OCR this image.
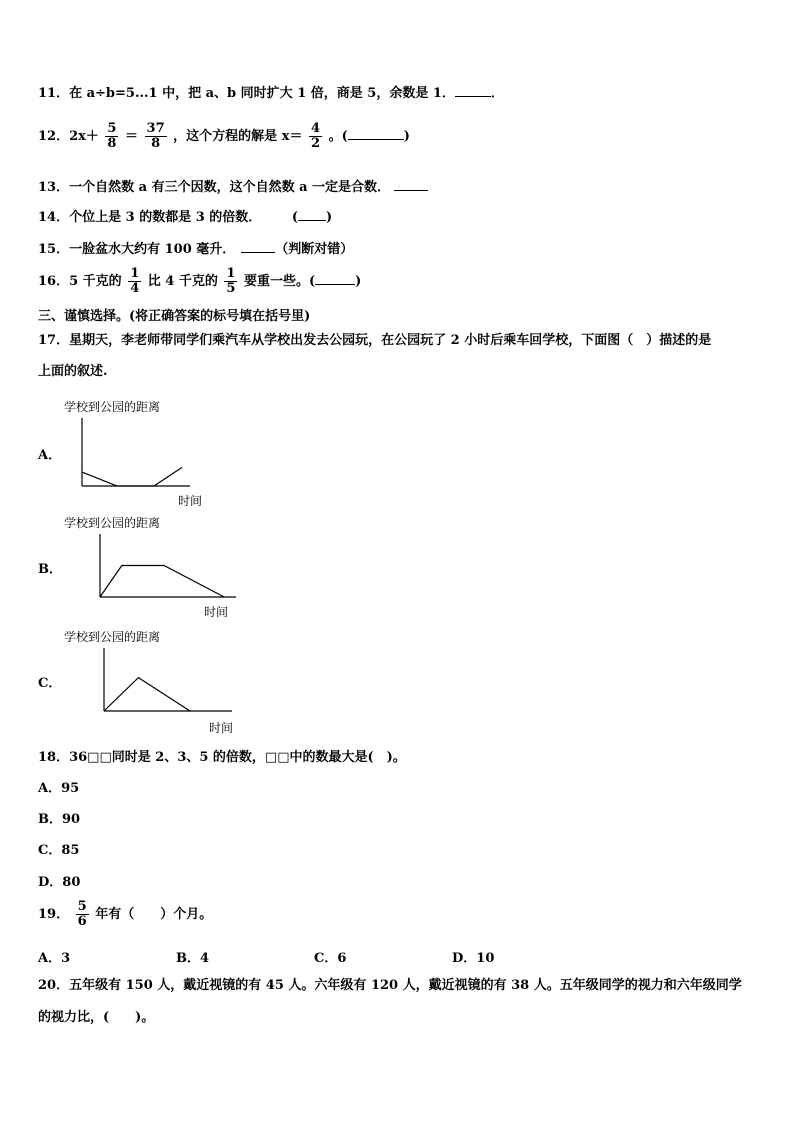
11．在 a÷b=5...1 中，把 a、b 同时扩大 1 倍，商是 5，余数是 1．	．
12．$2x+ \frac{5}{8} = \frac{37}{8}$ ，这个方程的解是 $x= \frac{4}{2}$ 。(	)
13．一个自然数 a 有三个因数，这个自然数 a 一定是合数．
14．个位上是 3 的数都是 3 的倍数． ( )
15．一脸盆水大约有 100 毫升．	（判断对错）
16．5 千克的 $\frac{1}{4}$ 比 4 千克的 $\frac{1}{5}$ 要重一些。(	)
三、谨慎选择。(将正确答案的标号填在括号里)
17．星期天，李老师带同学们乘汽车从学校出发去公园玩，在公园玩了 2 小时后乘车回学校，下面图（　）描述的是
上面的叙述.
A．
学校到公园的距离
时间
B．
学校到公园的距离
时间
C．
学校到公园的距离
时间
18．36□□同时是 2、3、5 的倍数，□□中的数最大是(　)。
A．95
B．90
C．85
D．80
19． $\frac{5}{6}$ 年有（　　）个月。
A．3	B．4	C．6	D．10
20．五年级有 150 人，戴近视镜的有 45 人。六年级有 120 人，戴近视镜的有 38 人。五年级同学的视力和六年级同学
的视力比，(　　)。
